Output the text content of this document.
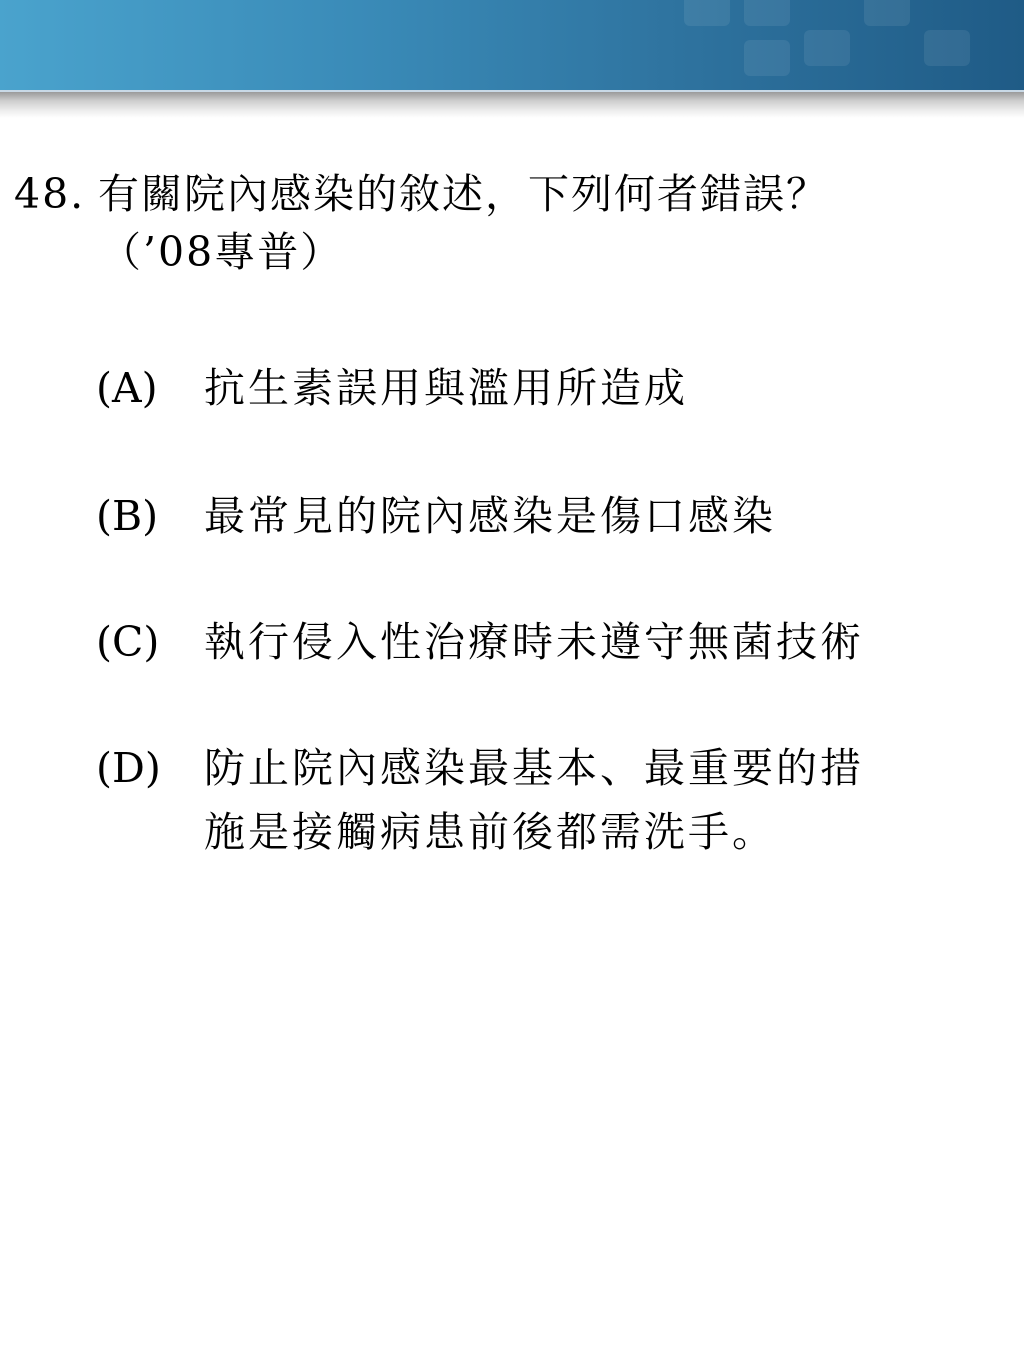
48. 有關院內感染的敘述，下列何者錯誤？
（’08專普）
(A) 抗生素誤用與濫用所造成
(B) 最常見的院內感染是傷口感染
(C) 執行侵入性治療時未遵守無菌技術
(D) 防止院內感染最基本、最重要的措
施是接觸病患前後都需洗手。
